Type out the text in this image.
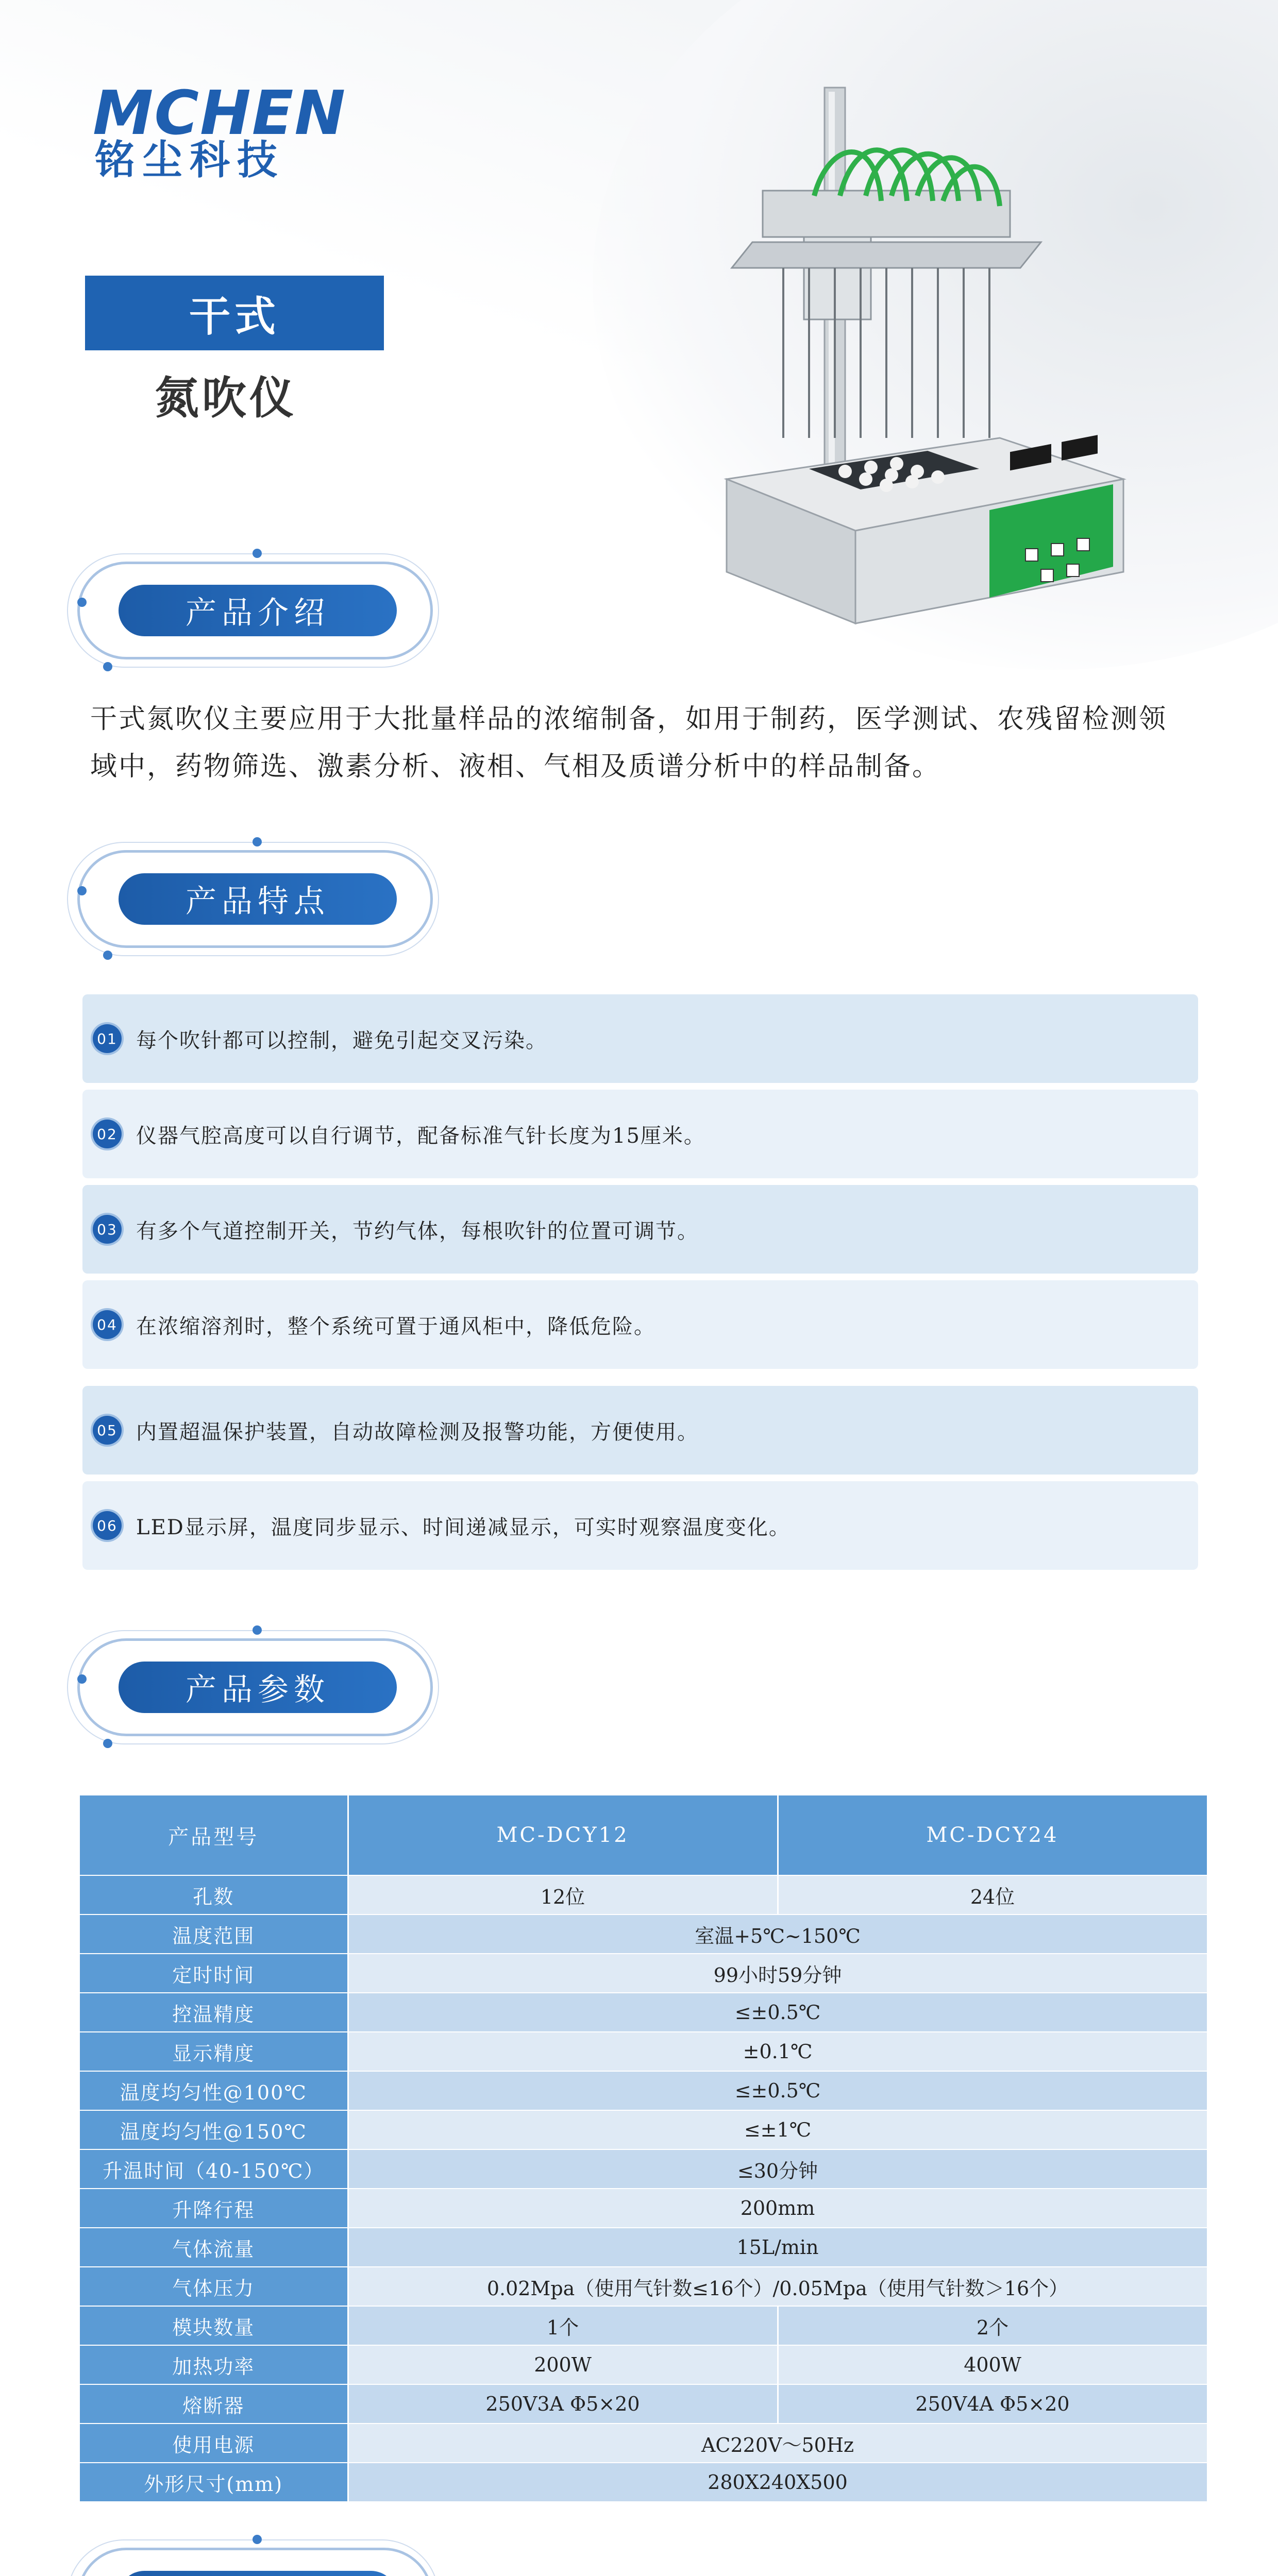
MCHEN
铭尘科技
干式
氮吹仪
产品介绍
干式氮吹仪主要应用于大批量样品的浓缩制备，如用于制药，医学测试、农残留检测领域中，药物筛选、激素分析、液相、气相及质谱分析中的样品制备。
产品特点
01 每个吹针都可以控制，避免引起交叉污染。
02 仪器气腔高度可以自行调节，配备标准气针长度为15厘米。
03 有多个气道控制开关，节约气体，每根吹针的位置可调节。
04 在浓缩溶剂时，整个系统可置于通风柜中，降低危险。
05 内置超温保护装置，自动故障检测及报警功能，方便使用。
06 LED显示屏，温度同步显示、时间递减显示，可实时观察温度变化。
产品参数
产品型号	MC-DCY12	MC-DCY24
孔数	12位	24位
温度范围	室温+5℃~150℃	
定时时间	99小时59分钟	
控温精度	≤±0.5℃	
显示精度	±0.1℃	
温度均匀性@100℃	≤±0.5℃	
温度均匀性@150℃	≤±1℃	
升温时间（40-150℃）	≤30分钟	
升降行程	200mm	
气体流量	15L/min	
气体压力	0.02Mpa（使用气针数≤16个）/0.05Mpa（使用气针数＞16个）	
模块数量	1个	2个
加热功率	200W	400W
熔断器	250V3A Φ5×20	250V4A Φ5×20
使用电源	AC220V～50Hz	
外形尺寸(mm)	280X240X500	
